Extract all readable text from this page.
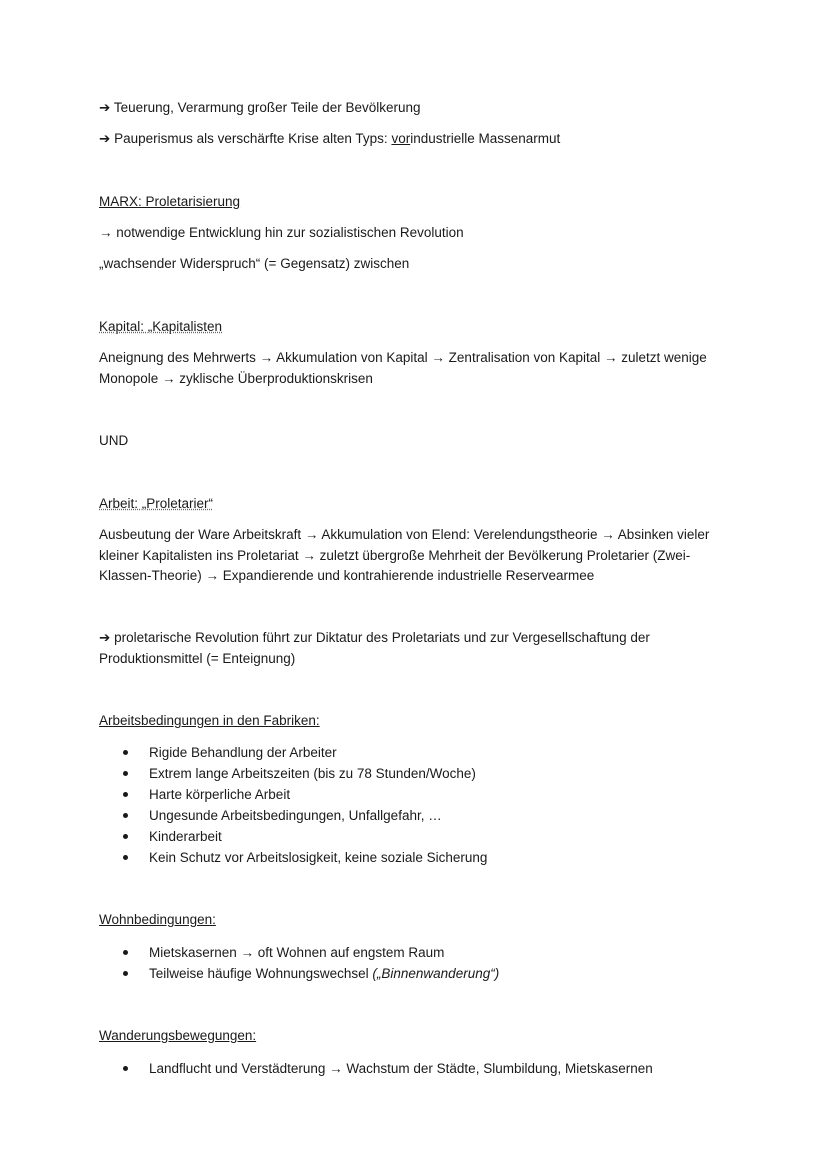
➔ Teuerung, Verarmung großer Teile der Bevölkerung
➔ Pauperismus als verschärfte Krise alten Typs: vorindustrielle Massenarmut
MARX: Proletarisierung
→ notwendige Entwicklung hin zur sozialistischen Revolution
„wachsender Widerspruch“ (= Gegensatz) zwischen
Kapital: „Kapitalisten
Aneignung des Mehrwerts → Akkumulation von Kapital → Zentralisation von Kapital → zuletzt wenige Monopole → zyklische Überproduktionskrisen
UND
Arbeit: „Proletarier“
Ausbeutung der Ware Arbeitskraft → Akkumulation von Elend: Verelendungstheorie → Absinken vieler kleiner Kapitalisten ins Proletariat → zuletzt übergroße Mehrheit der Bevölkerung Proletarier (Zwei-Klassen-Theorie) → Expandierende und kontrahierende industrielle Reservearmee
➔ proletarische Revolution führt zur Diktatur des Proletariats und zur Vergesellschaftung der Produktionsmittel (= Enteignung)
Arbeitsbedingungen in den Fabriken:
Rigide Behandlung der Arbeiter
Extrem lange Arbeitszeiten (bis zu 78 Stunden/Woche)
Harte körperliche Arbeit
Ungesunde Arbeitsbedingungen, Unfallgefahr, …
Kinderarbeit
Kein Schutz vor Arbeitslosigkeit, keine soziale Sicherung
Wohnbedingungen:
Mietskasernen → oft Wohnen auf engstem Raum
Teilweise häufige Wohnungswechsel („Binnenwanderung“)
Wanderungsbewegungen:
Landflucht und Verstädterung → Wachstum der Städte, Slumbildung, Mietskasernen
